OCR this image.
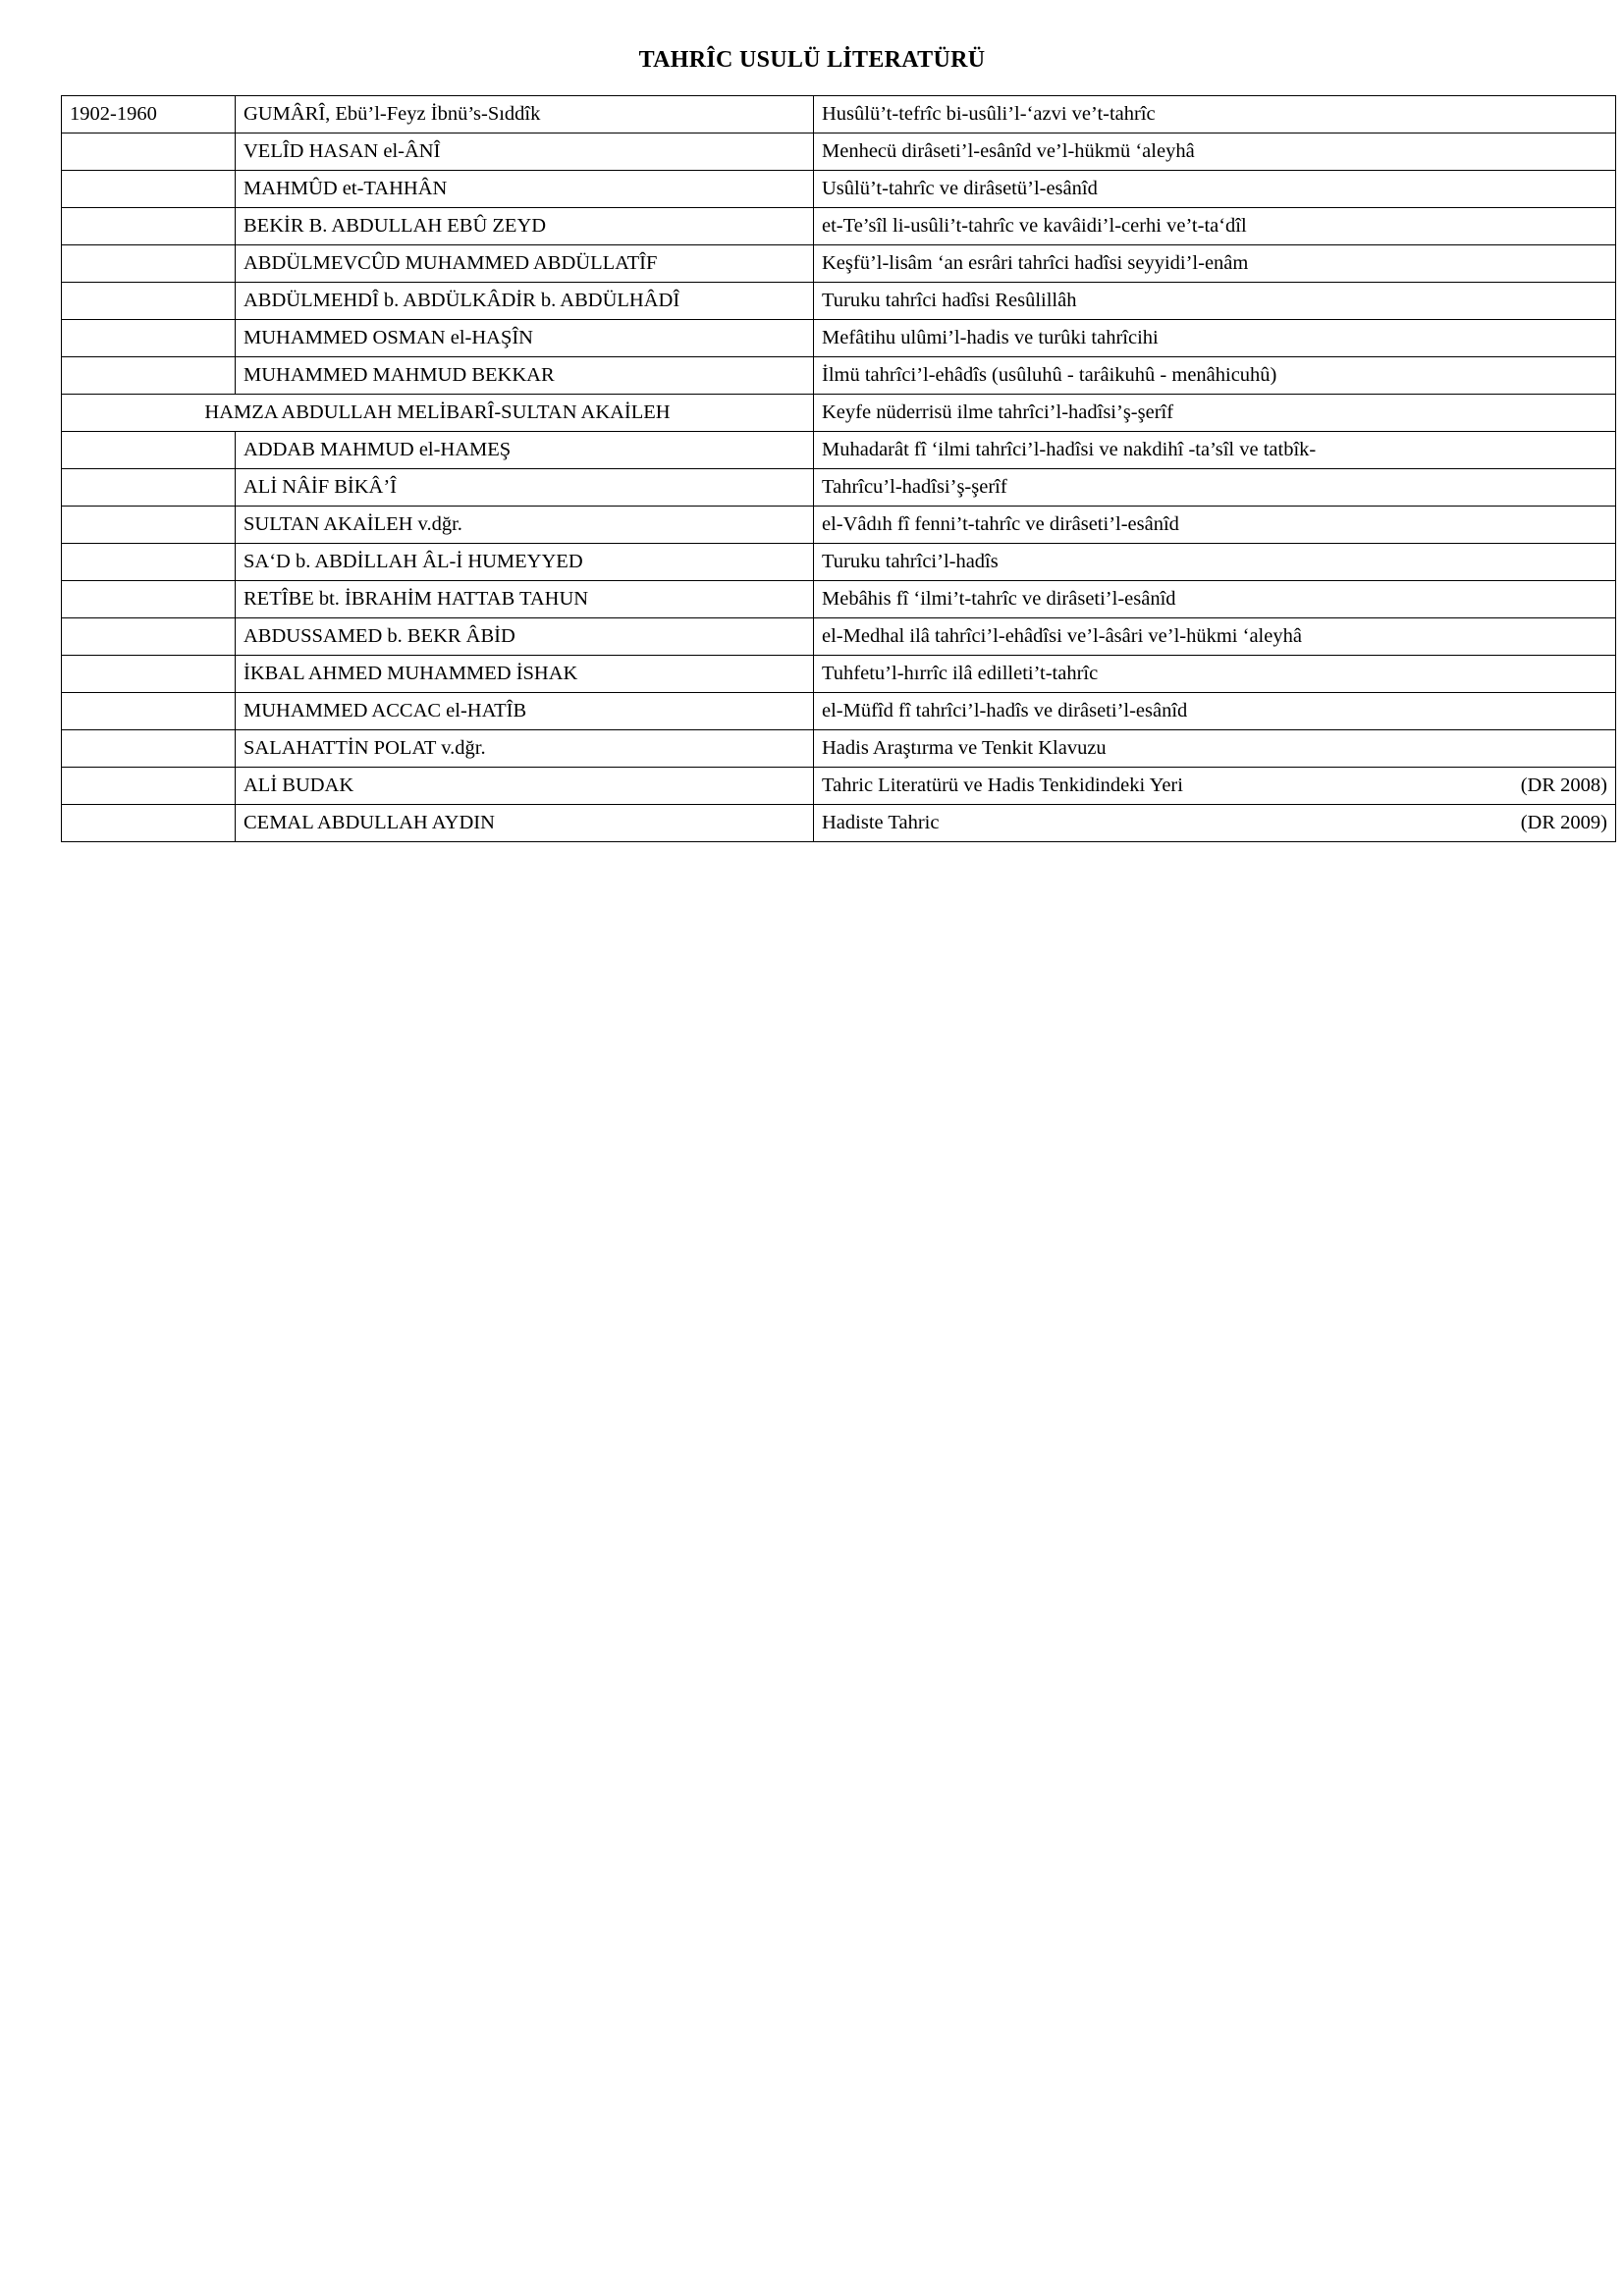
TAHRÎC USULÜ LİTERATÜRÜ
1902-1960	GUMÂRÎ, Ebü’l-Feyz İbnü’s-Sıddîk	Husûlü’t-tefrîc bi-usûli’l-‘azvi ve’t-tahrîc
	VELÎD HASAN el-ÂNÎ	Menhecü dirâseti’l-esânîd ve’l-hükmü ‘aleyhâ
	MAHMÛD et-TAHHÂN	Usûlü’t-tahrîc ve dirâsetü’l-esânîd
	BEKİR B. ABDULLAH EBÛ ZEYD	et-Te’sîl li-usûli’t-tahrîc ve kavâidi’l-cerhi ve’t-ta‘dîl
	ABDÜLMEVCÛD MUHAMMED ABDÜLLATÎF	Keşfü’l-lisâm ‘an esrâri tahrîci hadîsi seyyidi’l-enâm
	ABDÜLMEHDÎ b. ABDÜLKÂDİR b. ABDÜLHÂDÎ	Turuku tahrîci hadîsi Resûlillâh
	MUHAMMED OSMAN el-HAŞÎN	Mefâtihu ulûmi’l-hadis ve turûki tahrîcihi
	MUHAMMED MAHMUD BEKKAR	İlmü tahrîci’l-ehâdîs (usûluhû - tarâikuhû - menâhicuhû)
HAMZA ABDULLAH MELİBARÎ-SULTAN AKAİLEH		Keyfe nüderrisü ilme tahrîci’l-hadîsi’ş-şerîf
	ADDAB MAHMUD el-HAMEŞ	Muhadarât fî ‘ilmi tahrîci’l-hadîsi ve nakdihî -ta’sîl ve tatbîk-
	ALİ NÂİF BİKÂ’Î	Tahrîcu’l-hadîsi’ş-şerîf
	SULTAN AKAİLEH v.dğr.	el-Vâdıh fî fenni’t-tahrîc ve dirâseti’l-esânîd
	SA‘D b. ABDİLLAH ÂL-İ HUMEYYED	Turuku tahrîci’l-hadîs
	RETÎBE bt. İBRAHİM HATTAB TAHUN	Mebâhis fî ‘ilmi’t-tahrîc ve dirâseti’l-esânîd
	ABDUSSAMED b. BEKR ÂBİD	el-Medhal ilâ tahrîci’l-ehâdîsi ve’l-âsâri ve’l-hükmi ‘aleyhâ
	İKBAL AHMED MUHAMMED İSHAK	Tuhfetu’l-hırrîc ilâ edilleti’t-tahrîc
	MUHAMMED ACCAC el-HATÎB	el-Müfîd fî tahrîci’l-hadîs ve dirâseti’l-esânîd
	SALAHATTİN POLAT v.dğr.	Hadis Araştırma ve Tenkit Klavuzu
	ALİ BUDAK	Tahric Literatürü ve Hadis Tenkidindeki Yeri (DR 2008)

	CEMAL ABDULLAH AYDIN	Hadiste Tahric (DR 2009)
